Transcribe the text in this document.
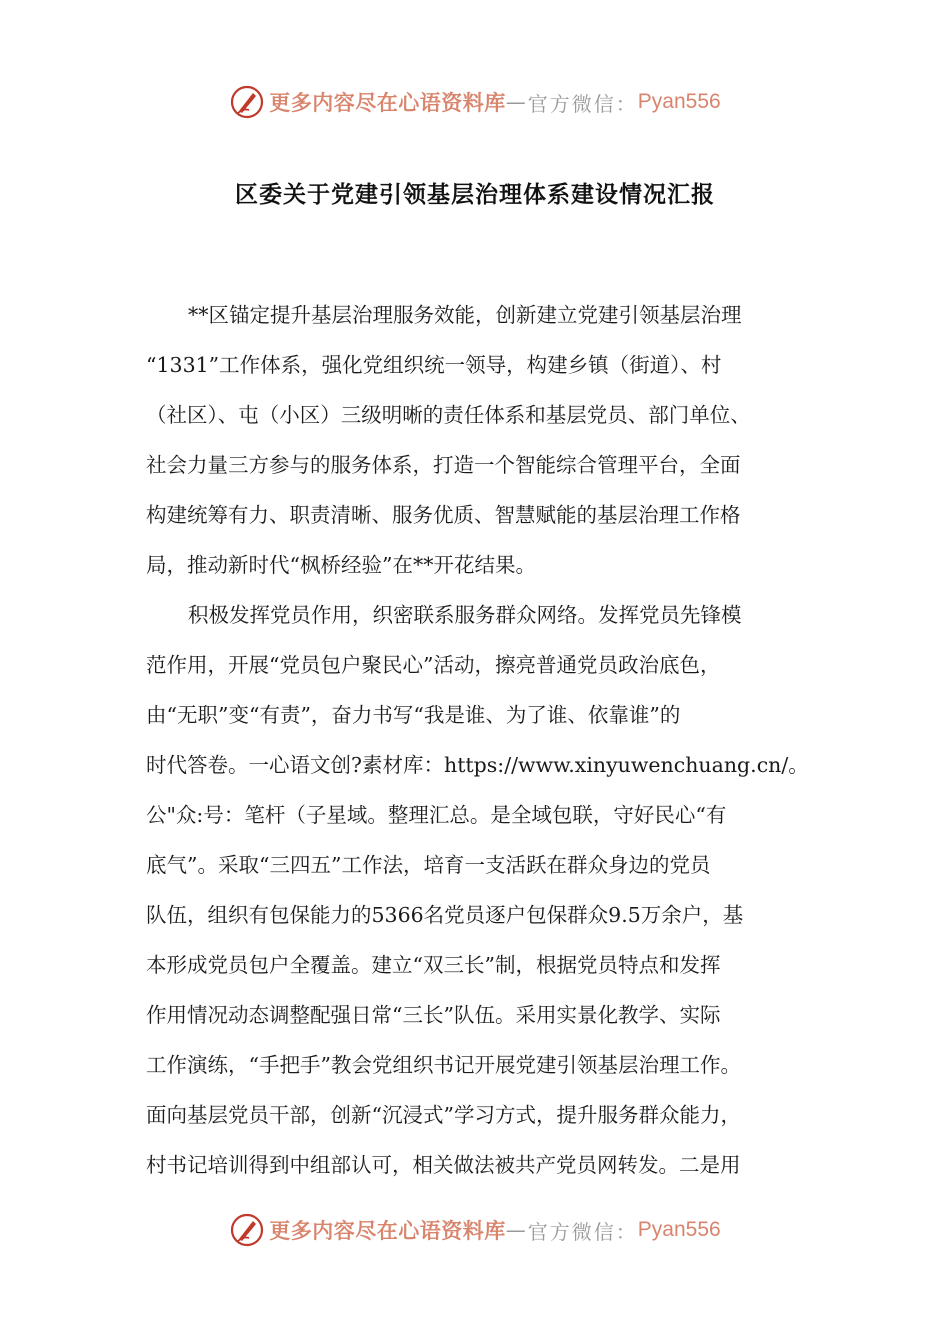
更多内容尽在心语资料库 — 官方微信： Pyan556
区委关于党建引领基层治理体系建设情况汇报
**区锚定提升基层治理服务效能，创新建立党建引领基层治理
“1331”工作体系，强化党组织统一领导，构建乡镇（街道）、村
（社区）、屯（小区）三级明晰的责任体系和基层党员、部门单位、
社会力量三方参与的服务体系，打造一个智能综合管理平台，全面
构建统筹有力、职责清晰、服务优质、智慧赋能的基层治理工作格
局，推动新时代“枫桥经验”在**开花结果。
积极发挥党员作用，织密联系服务群众网络。发挥党员先锋模
范作用，开展“党员包户聚民心”活动，擦亮普通党员政治底色，
由“无职”变“有责”，奋力书写“我是谁、为了谁、依靠谁”的
时代答卷。一心语文创?素材库：https://www.xinyuwenchuang.cn/。
公"众:号：笔杆（子星域。整理汇总。是全域包联，守好民心“有
底气”。采取“三四五”工作法，培育一支活跃在群众身边的党员
队伍，组织有包保能力的5366名党员逐户包保群众9.5万余户，基
本形成党员包户全覆盖。建立“双三长”制，根据党员特点和发挥
作用情况动态调整配强日常“三长”队伍。采用实景化教学、实际
工作演练，“手把手”教会党组织书记开展党建引领基层治理工作。
面向基层党员干部，创新“沉浸式”学习方式，提升服务群众能力，
村书记培训得到中组部认可，相关做法被共产党员网转发。二是用
更多内容尽在心语资料库 — 官方微信： Pyan556
